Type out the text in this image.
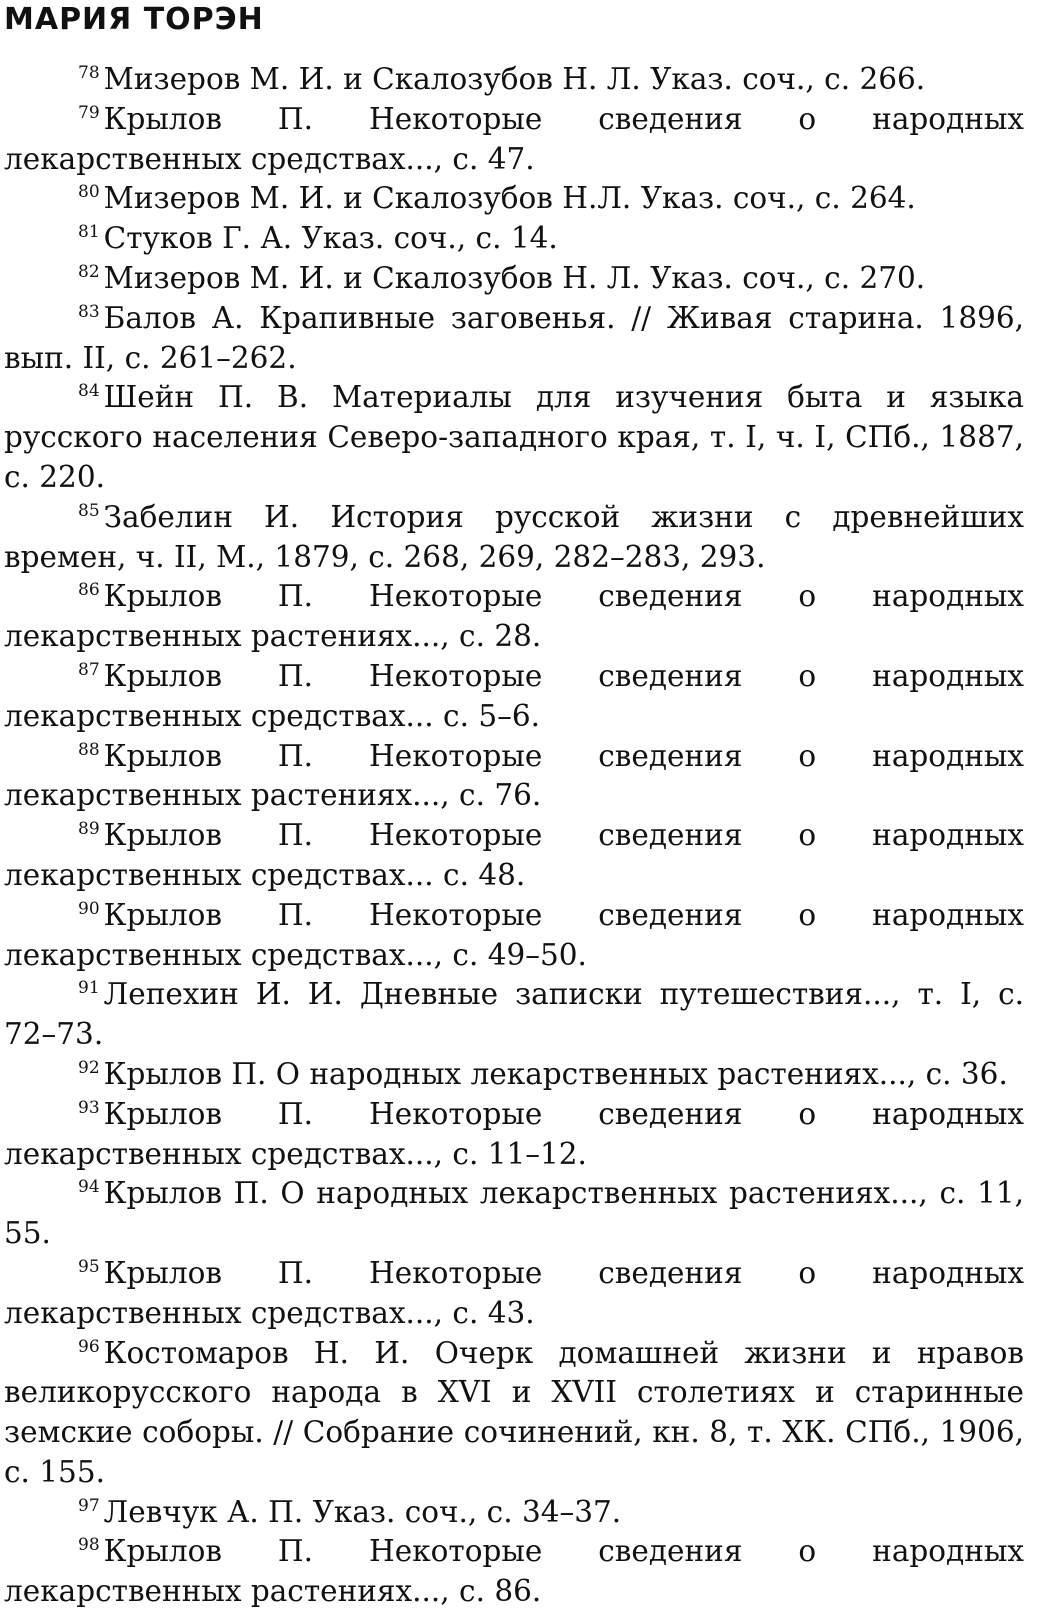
МАРИЯ ТОРЭН

$^{78}$ Мизеров М. И. и Скалозубов Н. Л. Указ. соч., с. 266.

$^{79}$ Крылов П. Некоторые сведения о народных лекарственных средствах..., с. 47.

$^{80}$ Мизеров М. И. и Скалозубов Н.Л. Указ. соч., с. 264.

$^{81}$ Стуков Г. А. Указ. соч., с. 14.

$^{82}$ Мизеров М. И. и Скалозубов Н. Л. Указ. соч., с. 270.

$^{83}$ Балов А. Крапивные заговенья. // Живая старина. 1896, вып. II, с. 261–262.

$^{84}$ Шейн П. В. Материалы для изучения быта и языка русского населения Северо-западного края, т. I, ч. I, СПб., 1887, с. 220.

$^{85}$ Забелин И. История русской жизни с древнейших времен, ч. II, М., 1879, с. 268, 269, 282–283, 293.

$^{86}$ Крылов П. Некоторые сведения о народных лекарственных растениях..., с. 28.

$^{87}$ Крылов П. Некоторые сведения о народных лекарственных средствах... с. 5–6.

$^{88}$ Крылов П. Некоторые сведения о народных лекарственных растениях..., с. 76.

$^{89}$ Крылов П. Некоторые сведения о народных лекарственных средствах... с. 48.

$^{90}$ Крылов П. Некоторые сведения о народных лекарственных средствах..., с. 49–50.

$^{91}$ Лепехин И. И. Дневные записки путешествия..., т. I, с. 72–73.

$^{92}$ Крылов П. О народных лекарственных растениях..., с. 36.

$^{93}$ Крылов П. Некоторые сведения о народных лекарственных средствах..., с. 11–12.

$^{94}$ Крылов П. О народных лекарственных растениях..., с. 11, 55.

$^{95}$ Крылов П. Некоторые сведения о народных лекарственных средствах..., с. 43.

$^{96}$ Костомаров Н. И. Очерк домашней жизни и нравов великорусского народа в XVI и XVII столетиях и старинные земские соборы. // Собрание сочинений, кн. 8, т. ХК. СПб., 1906, с. 155.

$^{97}$ Левчук А. П. Указ. соч., с. 34–37.

$^{98}$ Крылов П. Некоторые сведения о народных лекарственных растениях..., с. 86.
